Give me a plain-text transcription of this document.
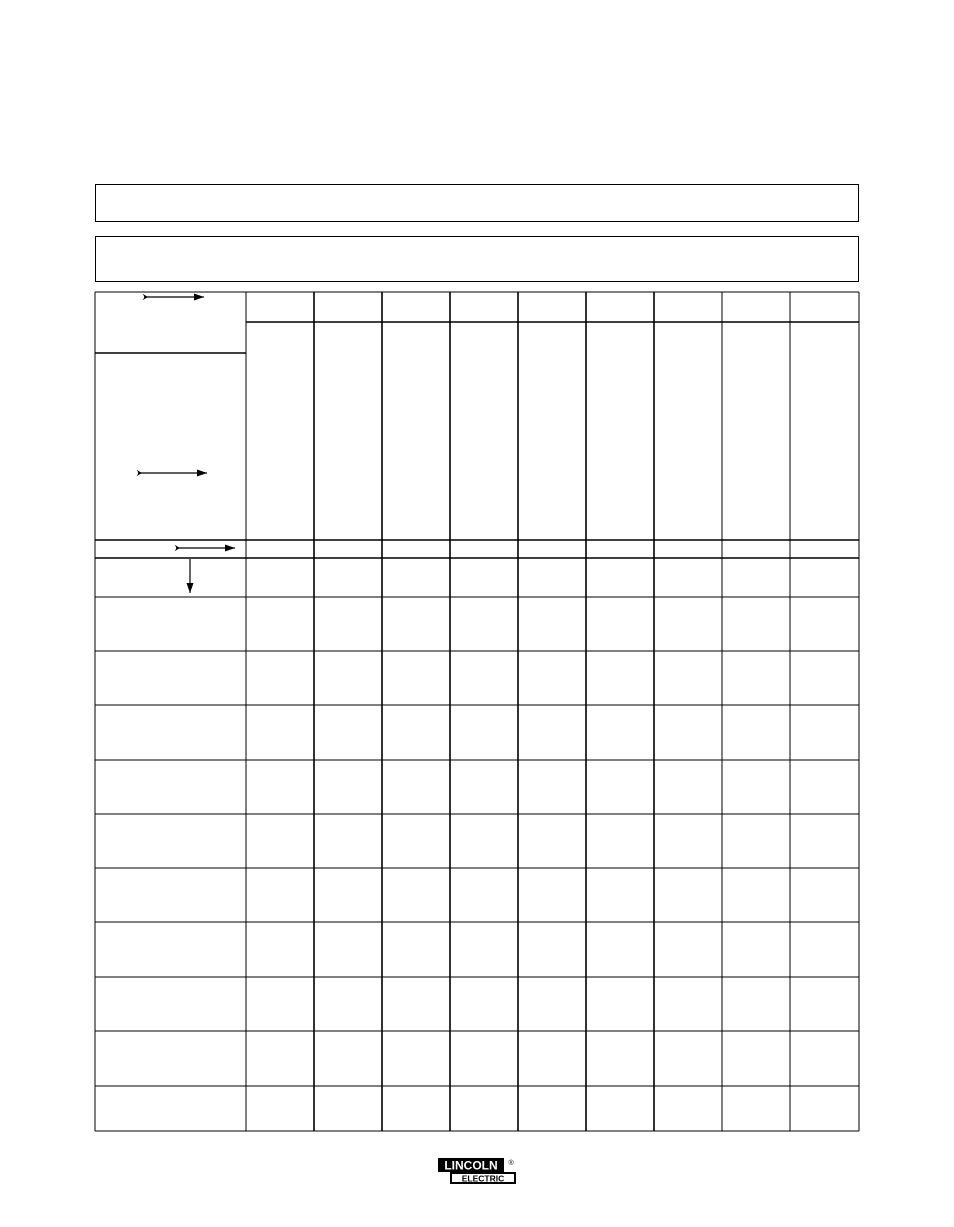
LINCOLN ®
ELECTRIC
